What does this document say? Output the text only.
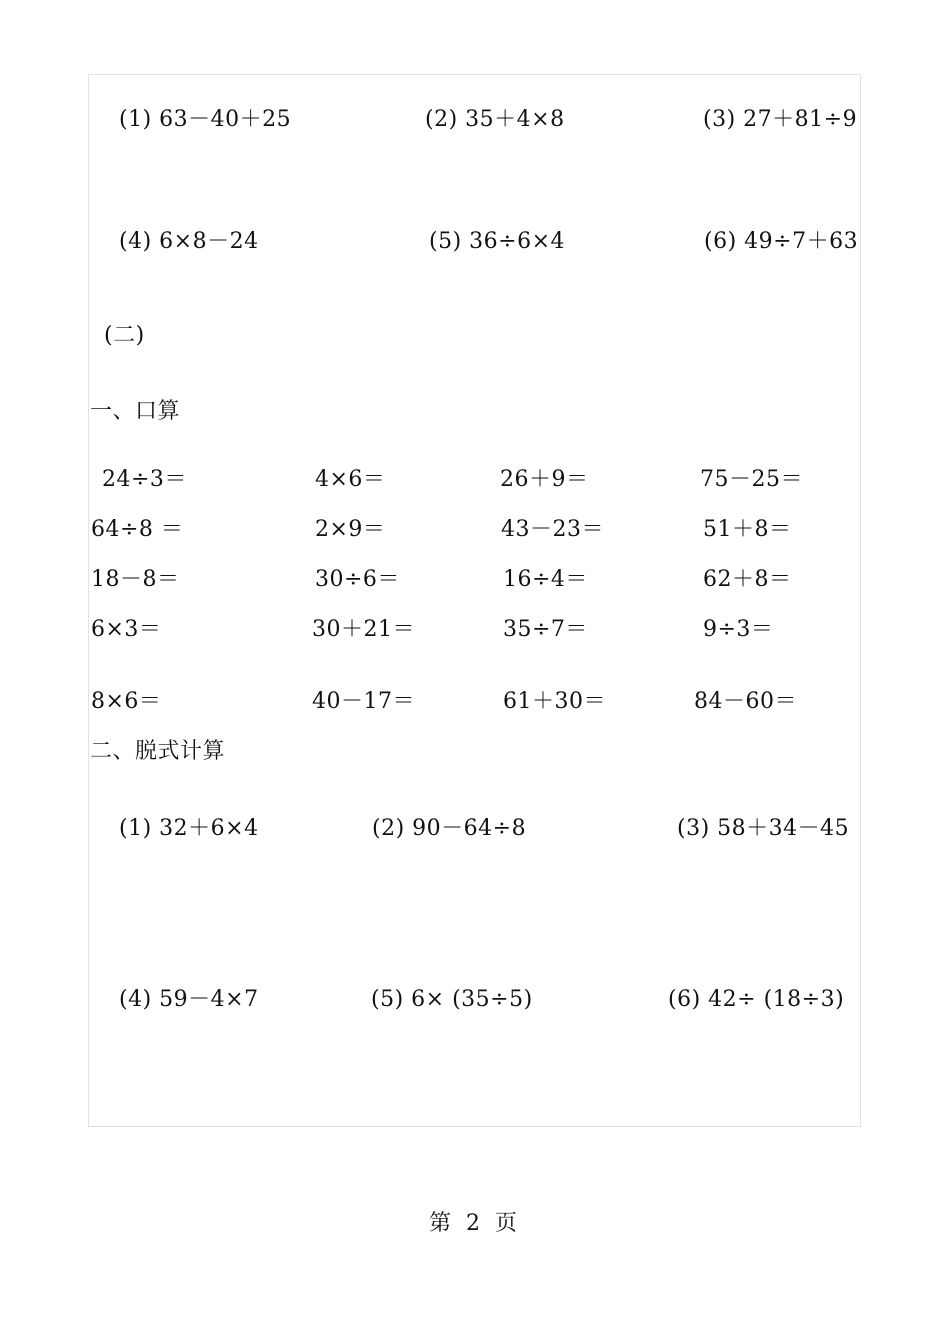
(1) 63－40＋25	(2) 35＋4×8	(3) 27＋81÷9

(4) 6×8－24	(5) 36÷6×4	(6) 49÷7＋63

(二)
一、口算
24÷3＝	4×6＝	26＋9＝	75－25＝
64÷8 ＝	2×9＝	43－23＝	51＋8＝
18－8＝	30÷6＝	16÷4＝	62＋8＝
6×3＝	30＋21＝	35÷7＝	9÷3＝
8×6＝	40－17＝	61＋30＝	84－60＝
二、脱式计算

(1) 32＋6×4	(2) 90－64÷8	(3) 58＋34－45

(4) 59－4×7	(5) 6× (35÷5)	(6) 42÷ (18÷3)

第 2 页
